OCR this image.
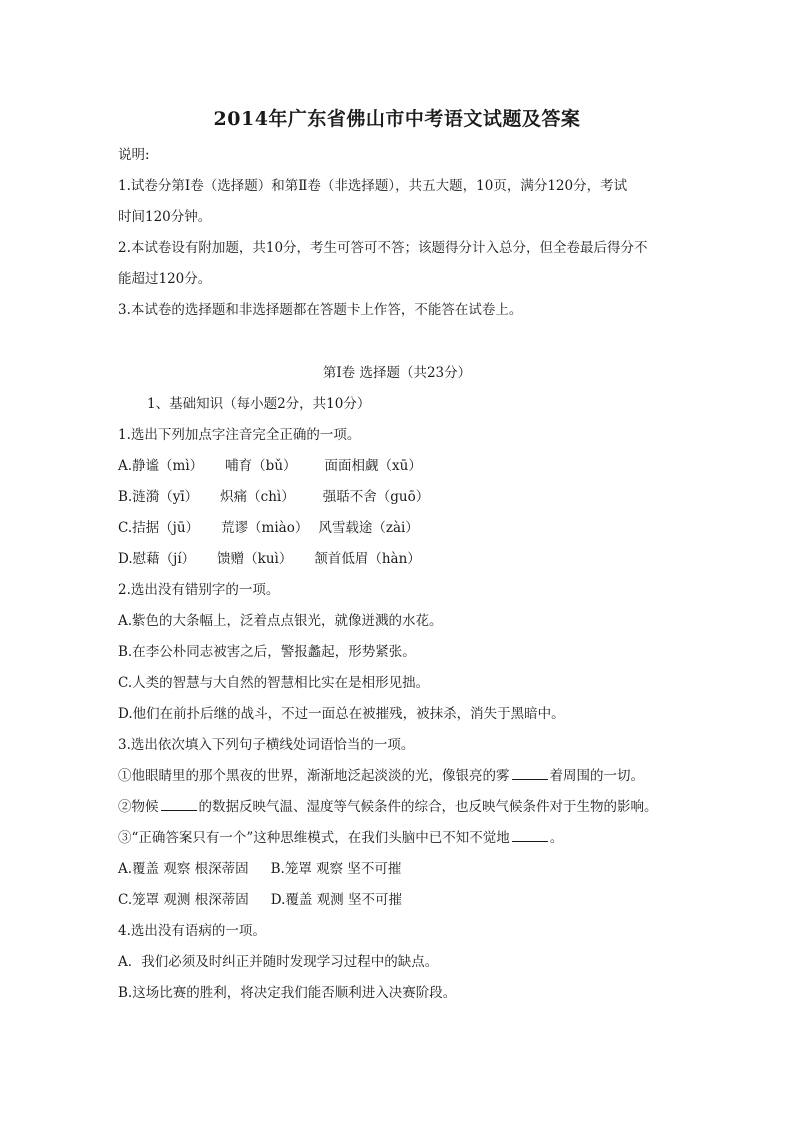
2014年广东省佛山市中考语文试题及答案
说明:
1.试卷分第Ⅰ卷（选择题）和第Ⅱ卷（非选择题），共五大题，10页，满分120分，考试
时间120分钟。
2.本试卷设有附加题，共10分，考生可答可不答；该题得分计入总分，但全卷最后得分不
能超过120分。
3.本试卷的选择题和非选择题都在答题卡上作答，不能答在试卷上。
第Ⅰ卷 选择题（共23分）
1、基础知识（每小题2分，共10分）
1.选出下列加点字注音完全正确的一项。
A.静谧（mì） 哺育（bǔ） 面面相觑（xū）
B.涟漪（yī） 炽痛（chì） 强聒不舍（guō）
C.拮据（jū） 荒谬（miào） 风雪载途（zài）
D.慰藉（jí） 馈赠（kuì） 颔首低眉（hàn）
2.选出没有错别字的一项。
A.紫色的大条幅上，泛着点点银光，就像迸溅的水花。
B.在李公朴同志被害之后，警报蠡起，形势紧张。
C.人类的智慧与大自然的智慧相比实在是相形见拙。
D.他们在前扑后继的战斗，不过一面总在被摧残，被抹杀，消失于黑暗中。
3.选出依次填入下列句子横线处词语恰当的一项。
①他眼睛里的那个黑夜的世界，渐渐地泛起淡淡的光，像银亮的雾	着周围的一切。
②物候	的数据反映气温、湿度等气候条件的综合，也反映气候条件对于生物的影响。
③“正确答案只有一个”这种思维模式，在我们头脑中已不知不觉地	。
A.覆盖 观察 根深蒂固 B.笼罩 观察 坚不可摧
C.笼罩 观测 根深蒂固 D.覆盖 观测 坚不可摧
4.选出没有语病的一项。
A．我们必须及时纠正并随时发现学习过程中的缺点。
B.这场比赛的胜利，将决定我们能否顺利进入决赛阶段。
